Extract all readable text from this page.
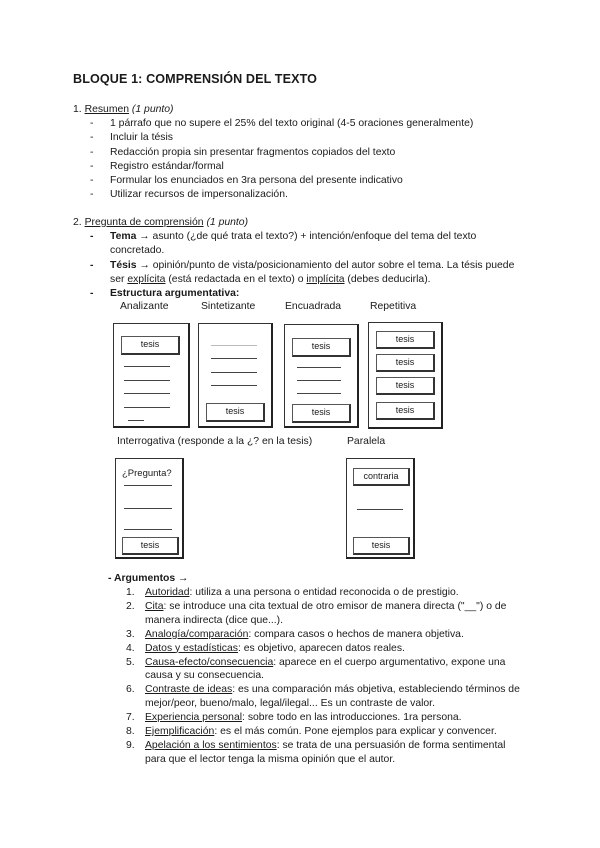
BLOQUE 1: COMPRENSIÓN DEL TEXTO
1. Resumen (1 punto)
- 1 párrafo que no supere el 25% del texto original (4-5 oraciones generalmente)
- Incluir la tésis
- Redacción propia sin presentar fragmentos copiados del texto
- Registro estándar/formal
- Formular los enunciados en 3ra persona del presente indicativo
- Utilizar recursos de impersonalización.
2. Pregunta de comprensión (1 punto)
- Tema → asunto (¿de qué trata el texto?) + intención/enfoque del tema del texto concretado.
- Tésis → opinión/punto de vista/posicionamiento del autor sobre el tema. La tésis puede ser explícita (está redactada en el texto) o implícita (debes deducirla).
- Estructura argumentativa:
Analizante	Sintetizante	Encuadrada	Repetitiva
tesis
tesis
tesis
tesis
tesis
tesis
tesis
tesis
Interrogativa (responde a la ¿? en la tesis)	Paralela
¿Pregunta?
tesis
contraria
tesis
- Argumentos →
1. Autoridad: utiliza a una persona o entidad reconocida o de prestigio.
2. Cita: se introduce una cita textual de otro emisor de manera directa ("__") o de manera indirecta (dice que...).
3. Analogía/comparación: compara casos o hechos de manera objetiva.
4. Datos y estadísticas: es objetivo, aparecen datos reales.
5. Causa-efecto/consecuencia: aparece en el cuerpo argumentativo, expone una causa y su consecuencia.
6. Contraste de ideas: es una comparación más objetiva, estableciendo términos de mejor/peor, bueno/malo, legal/ilegal... Es un contraste de valor.
7. Experiencia personal: sobre todo en las introducciones. 1ra persona.
8. Ejemplificación: es el más común. Pone ejemplos para explicar y convencer.
9. Apelación a los sentimientos: se trata de una persuasión de forma sentimental para que el lector tenga la misma opinión que el autor.
